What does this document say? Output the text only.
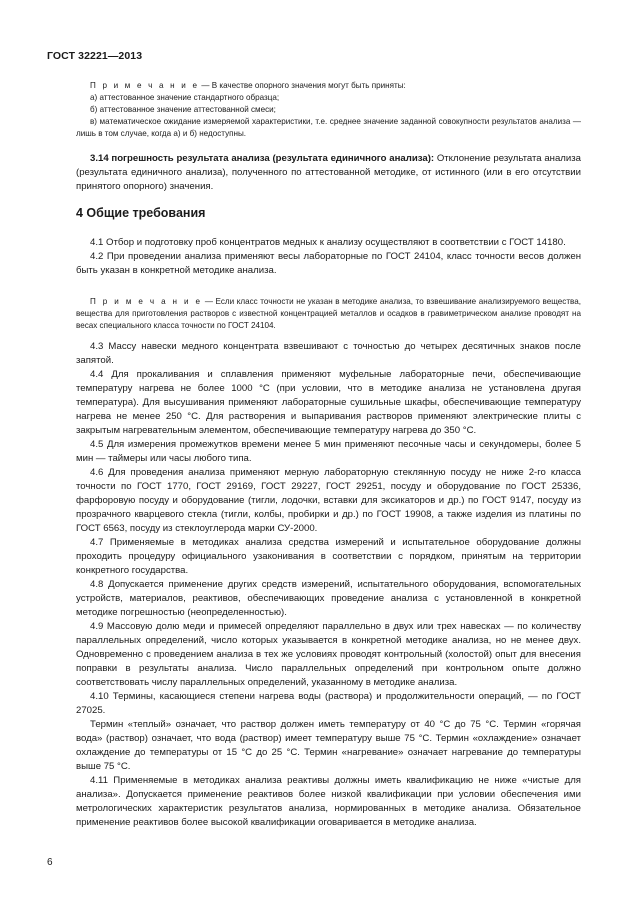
ГОСТ 32221—2013

П р и м е ч а н и е — В качестве опорного значения могут быть приняты:

а) аттестованное значение стандартного образца;

б) аттестованное значение аттестованной смеси;

в) математическое ожидание измеряемой характеристики, т.е. среднее значение заданной совокупности результатов анализа — лишь в том случае, когда а) и б) недоступны.

3.14 погрешность результата анализа (результата единичного анализа): Отклонение результата анализа (результата единичного анализа), полученного по аттестованной методике, от истинного (или в его отсутствии принятого опорного) значения.

4 Общие требования

4.1 Отбор и подготовку проб концентратов медных к анализу осуществляют в соответствии с ГОСТ 14180.

4.2 При проведении анализа применяют весы лабораторные по ГОСТ 24104, класс точности весов должен быть указан в конкретной методике анализа.

П р и м е ч а н и е — Если класс точности не указан в методике анализа, то взвешивание анализируемого вещества, вещества для приготовления растворов с известной концентрацией металлов и осадков в гравиметрическом анализе проводят на весах специального класса точности по ГОСТ 24104.

4.3 Массу навески медного концентрата взвешивают с точностью до четырех десятичных знаков после запятой.

4.4 Для прокаливания и сплавления применяют муфельные лабораторные печи, обеспечивающие температуру нагрева не более 1000 °С (при условии, что в методике анализа не установлена другая температура). Для высушивания применяют лабораторные сушильные шкафы, обеспечивающие температуру нагрева не менее 250 °С. Для растворения и выпаривания растворов применяют электрические плиты с закрытым нагревательным элементом, обеспечивающие температуру нагрева до 350 °С.

4.5 Для измерения промежутков времени менее 5 мин применяют песочные часы и секундомеры, более 5 мин — таймеры или часы любого типа.

4.6 Для проведения анализа применяют мерную лабораторную стеклянную посуду не ниже 2-го класса точности по ГОСТ 1770, ГОСТ 29169, ГОСТ 29227, ГОСТ 29251, посуду и оборудование по ГОСТ 25336, фарфоровую посуду и оборудование (тигли, лодочки, вставки для эксикаторов и др.) по ГОСТ 9147, посуду из прозрачного кварцевого стекла (тигли, колбы, пробирки и др.) по ГОСТ 19908, а также изделия из платины по ГОСТ 6563, посуду из стеклоуглерода марки СУ-2000.

4.7 Применяемые в методиках анализа средства измерений и испытательное оборудование должны проходить процедуру официального узаконивания в соответствии с порядком, принятым на территории конкретного государства.

4.8 Допускается применение других средств измерений, испытательного оборудования, вспомогательных устройств, материалов, реактивов, обеспечивающих проведение анализа с установленной в конкретной методике погрешностью (неопределенностью).

4.9 Массовую долю меди и примесей определяют параллельно в двух или трех навесках — по количеству параллельных определений, число которых указывается в конкретной методике анализа, но не менее двух. Одновременно с проведением анализа в тех же условиях проводят контрольный (холостой) опыт для внесения поправки в результаты анализа. Число параллельных определений при контрольном опыте должно соответствовать числу параллельных определений, указанному в методике анализа.

4.10 Термины, касающиеся степени нагрева воды (раствора) и продолжительности операций, — по ГОСТ 27025.

Термин «теплый» означает, что раствор должен иметь температуру от 40 °С до 75 °С. Термин «горячая вода» (раствор) означает, что вода (раствор) имеет температуру выше 75 °С. Термин «охлаждение» означает охлаждение до температуры от 15 °С до 25 °С. Термин «нагревание» означает нагревание до температуры выше 75 °С.

4.11 Применяемые в методиках анализа реактивы должны иметь квалификацию не ниже «чистые для анализа». Допускается применение реактивов более низкой квалификации при условии обеспечения ими метрологических характеристик результатов анализа, нормированных в методике анализа. Обязательное применение реактивов более высокой квалификации оговаривается в методике анализа.

6
